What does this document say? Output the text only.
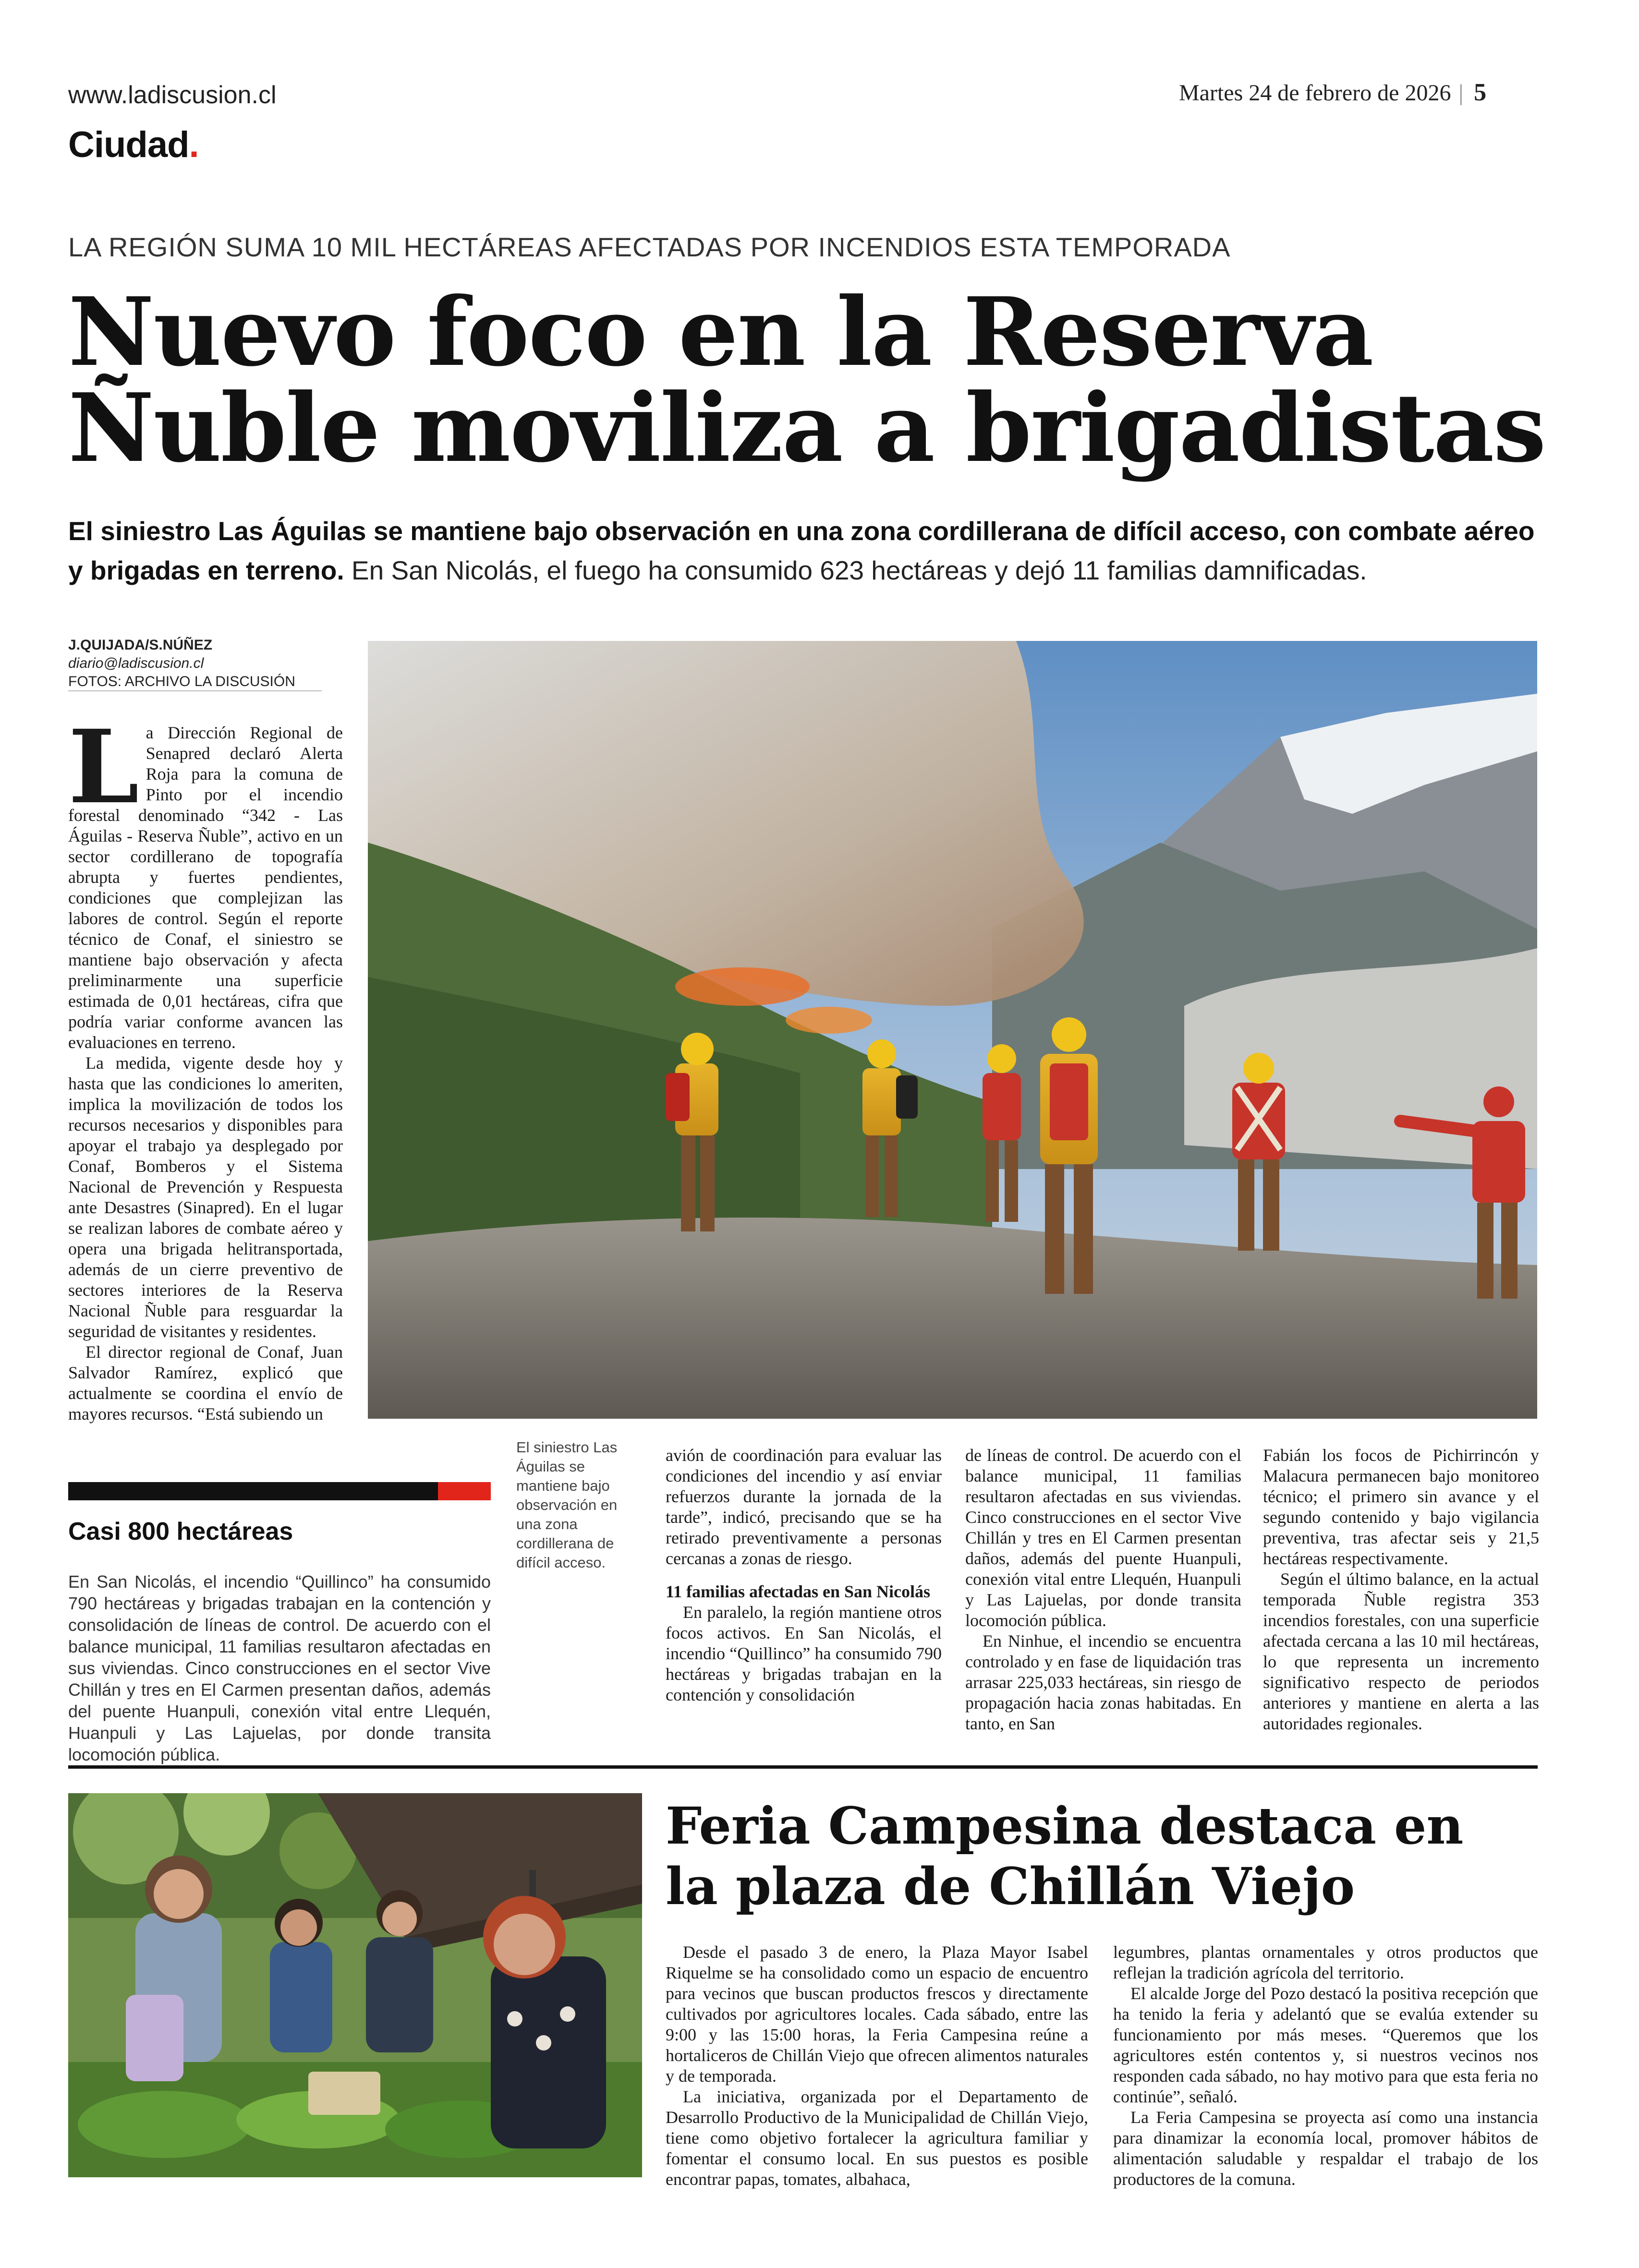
www.ladiscusion.cl	Martes 24 de febrero de 2026 | 5
Ciudad.
LA REGIÓN SUMA 10 MIL HECTÁREAS AFECTADAS POR INCENDIOS ESTA TEMPORADA
Nuevo foco en la Reserva
Ñuble moviliza a brigadistas
El siniestro Las Águilas se mantiene bajo observación en una zona cordillerana de difícil acceso, con combate aéreo y brigadas en terreno. En San Nicolás, el fuego ha consumido 623 hectáreas y dejó 11 familias damnificadas.
J.QUIJADA/S.NÚÑEZ
diario@ladiscusion.cl
FOTOS: ARCHIVO LA DISCUSIÓN

La Dirección Regional de Senapred declaró Alerta Roja para la comuna de Pinto por el incendio forestal denominado “342 - Las Águilas - Reserva Ñuble”, activo en un sector cordillerano de topografía abrupta y fuertes pendientes, condiciones que complejizan las labores de control. Según el reporte técnico de Conaf, el siniestro se mantiene bajo observación y afecta preliminarmente una superficie estimada de 0,01 hectáreas, cifra que podría variar conforme avancen las evaluaciones en terreno.

La medida, vigente desde hoy y hasta que las condiciones lo ameriten, implica la movilización de todos los recursos necesarios y disponibles para apoyar el trabajo ya desplegado por Conaf, Bomberos y el Sistema Nacional de Prevención y Respuesta ante Desastres (Sinapred). En el lugar se realizan labores de combate aéreo y opera una brigada helitransportada, además de un cierre preventivo de sectores interiores de la Reserva Nacional Ñuble para resguardar la seguridad de visitantes y residentes.

El director regional de Conaf, Juan Salvador Ramírez, explicó que actualmente se coordina el envío de mayores recursos. “Está subiendo un

El siniestro Las Águilas se mantiene bajo observación en una zona cordillerana de difícil acceso.

avión de coordinación para evaluar las condiciones del incendio y así enviar refuerzos durante la jornada de la tarde”, indicó, precisando que se ha retirado preventivamente a personas cercanas a zonas de riesgo.

11 familias afectadas en San Nicolás

En paralelo, la región mantiene otros focos activos. En San Nicolás, el incendio “Quillinco” ha consumido 790 hectáreas y brigadas trabajan en la contención y consolidación

de líneas de control. De acuerdo con el balance municipal, 11 familias resultaron afectadas en sus viviendas. Cinco construcciones en el sector Vive Chillán y tres en El Carmen presentan daños, además del puente Huanpuli, conexión vital entre Llequén, Huanpuli y Las Lajuelas, por donde transita locomoción pública.

En Ninhue, el incendio se encuentra controlado y en fase de liquidación tras arrasar 225,033 hectáreas, sin riesgo de propagación hacia zonas habitadas. En tanto, en San

Fabián los focos de Pichirrincón y Malacura permanecen bajo monitoreo técnico; el primero sin avance y el segundo contenido y bajo vigilancia preventiva, tras afectar seis y 21,5 hectáreas respectivamente.

Según el último balance, en la actual temporada Ñuble registra 353 incendios forestales, con una superficie afectada cercana a las 10 mil hectáreas, lo que representa un incremento significativo respecto de periodos anteriores y mantiene en alerta a las autoridades regionales.

Casi 800 hectáreas
En San Nicolás, el incendio “Quillinco” ha consumido 790 hectáreas y brigadas trabajan en la contención y consolidación de líneas de control. De acuerdo con el balance municipal, 11 familias resultaron afectadas en sus viviendas. Cinco construcciones en el sector Vive Chillán y tres en El Carmen presentan daños, además del puente Huanpuli, conexión vital entre Llequén, Huanpuli y Las Lajuelas, por donde transita locomoción pública.
Feria Campesina destaca en
la plaza de Chillán Viejo

Desde el pasado 3 de enero, la Plaza Mayor Isabel Riquelme se ha consolidado como un espacio de encuentro para vecinos que buscan productos frescos y directamente cultivados por agricultores locales. Cada sábado, entre las 9:00 y las 15:00 horas, la Feria Campesina reúne a hortaliceros de Chillán Viejo que ofrecen alimentos naturales y de temporada.

La iniciativa, organizada por el Departamento de Desarrollo Productivo de la Municipalidad de Chillán Viejo, tiene como objetivo fortalecer la agricultura familiar y fomentar el consumo local. En sus puestos es posible encontrar papas, tomates, albahaca,

legumbres, plantas ornamentales y otros productos que reflejan la tradición agrícola del territorio.

El alcalde Jorge del Pozo destacó la positiva recepción que ha tenido la feria y adelantó que se evalúa extender su funcionamiento por más meses. “Queremos que los agricultores estén contentos y, si nuestros vecinos nos responden cada sábado, no hay motivo para que esta feria no continúe”, señaló.

La Feria Campesina se proyecta así como una instancia para dinamizar la economía local, promover hábitos de alimentación saludable y respaldar el trabajo de los productores de la comuna.
